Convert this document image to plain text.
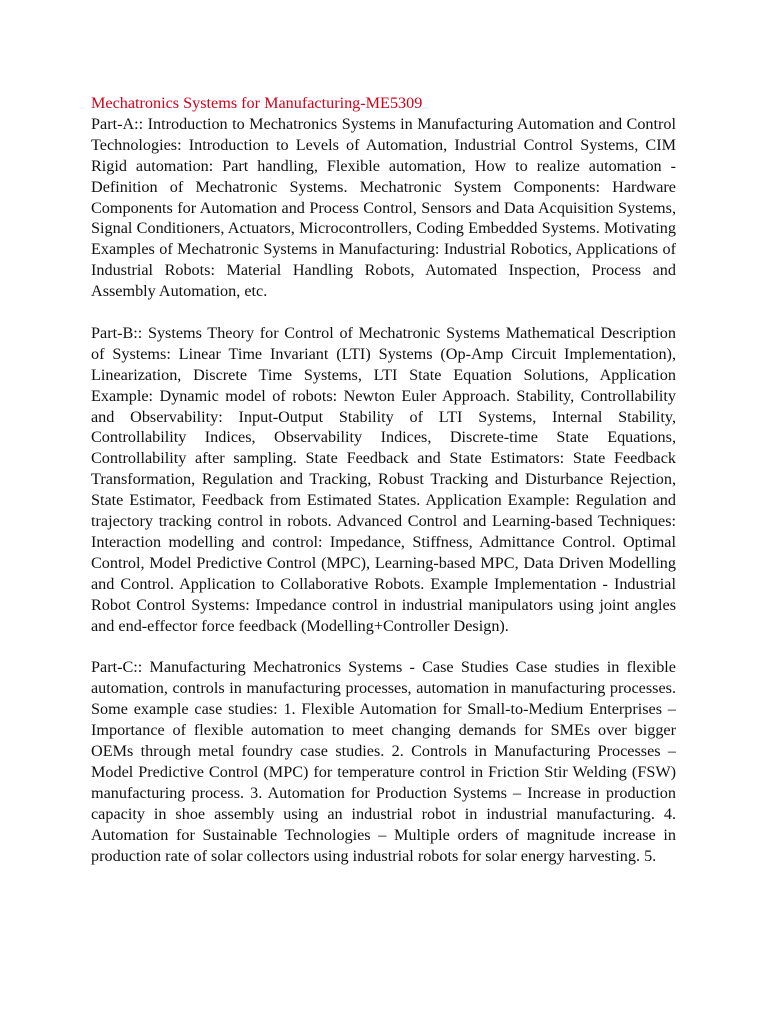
Mechatronics Systems for Manufacturing-ME5309

Part-A:: Introduction to Mechatronics Systems in Manufacturing Automation and Control Technologies: Introduction to Levels of Automation, Industrial Control Systems, CIM Rigid automation: Part handling, Flexible automation, How to realize automation - Definition of Mechatronic Systems. Mechatronic System Components: Hardware Components for Automation and Process Control, Sensors and Data Acquisition Systems, Signal Conditioners, Actuators, Microcontrollers, Coding Embedded Systems. Motivating Examples of Mechatronic Systems in Manufacturing: Industrial Robotics, Applications of Industrial Robots: Material Handling Robots, Automated Inspection, Process and Assembly Automation, etc.

Part-B:: Systems Theory for Control of Mechatronic Systems Mathematical Description of Systems: Linear Time Invariant (LTI) Systems (Op-Amp Circuit Implementation), Linearization, Discrete Time Systems, LTI State Equation Solutions, Application Example: Dynamic model of robots: Newton Euler Approach. Stability, Controllability and Observability: Input-Output Stability of LTI Systems, Internal Stability, Controllability Indices, Observability Indices, Discrete-time State Equations, Controllability after sampling. State Feedback and State Estimators: State Feedback Transformation, Regulation and Tracking, Robust Tracking and Disturbance Rejection, State Estimator, Feedback from Estimated States. Application Example: Regulation and trajectory tracking control in robots. Advanced Control and Learning-based Techniques: Interaction modelling and control: Impedance, Stiffness, Admittance Control. Optimal Control, Model Predictive Control (MPC), Learning-based MPC, Data Driven Modelling and Control. Application to Collaborative Robots. Example Implementation - Industrial Robot Control Systems: Impedance control in industrial manipulators using joint angles and end-effector force feedback (Modelling+Controller Design).

Part-C:: Manufacturing Mechatronics Systems - Case Studies Case studies in flexible automation, controls in manufacturing processes, automation in manufacturing processes. Some example case studies: 1. Flexible Automation for Small-to-Medium Enterprises – Importance of flexible automation to meet changing demands for SMEs over bigger OEMs through metal foundry case studies. 2. Controls in Manufacturing Processes – Model Predictive Control (MPC) for temperature control in Friction Stir Welding (FSW) manufacturing process. 3. Automation for Production Systems – Increase in production capacity in shoe assembly using an industrial robot in industrial manufacturing. 4. Automation for Sustainable Technologies – Multiple orders of magnitude increase in production rate of solar collectors using industrial robots for solar energy harvesting. 5.
